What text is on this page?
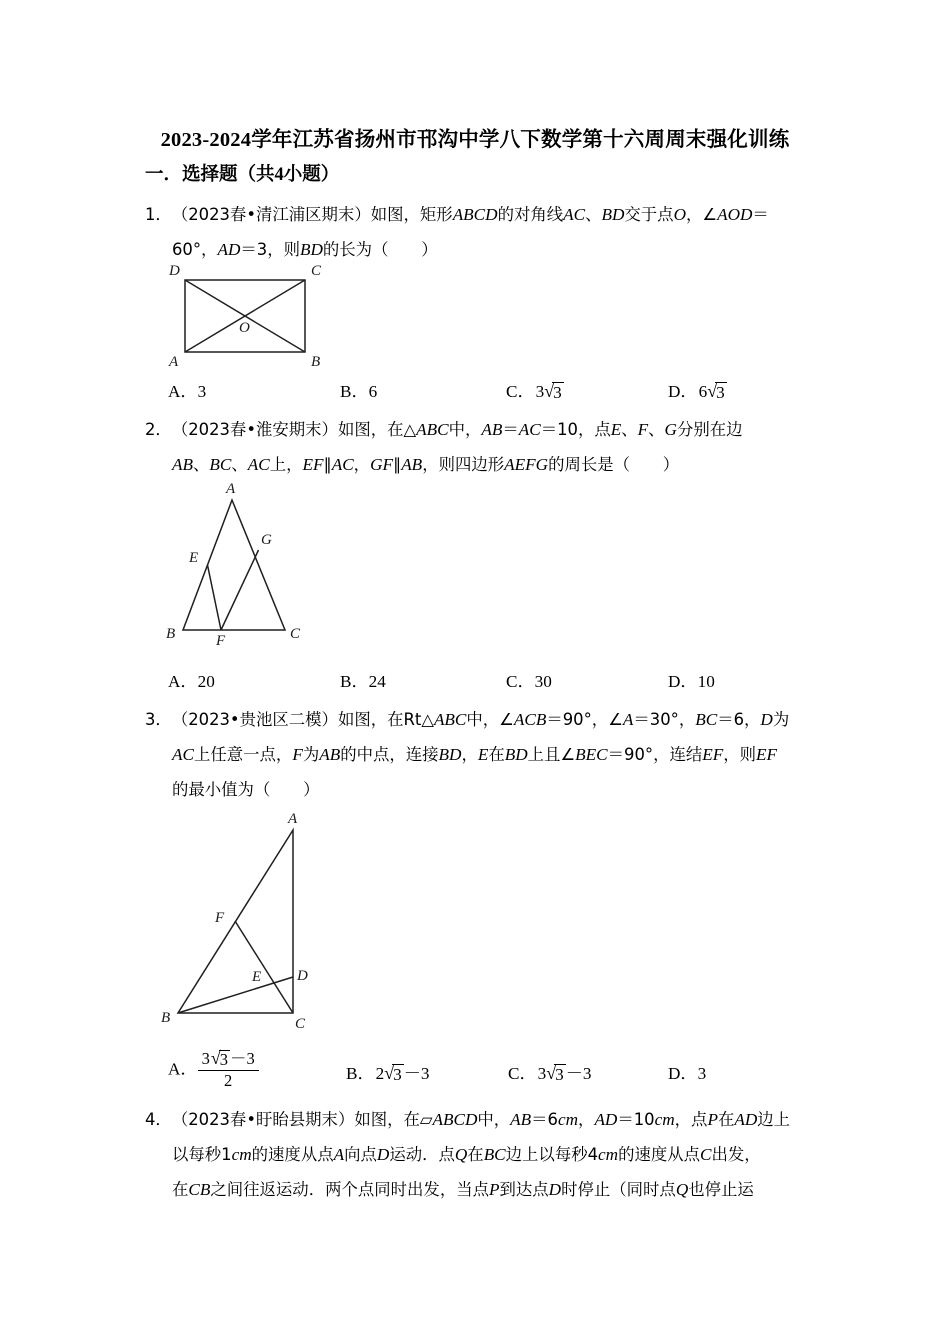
2023-2024学年江苏省扬州市邗沟中学八下数学第十六周周末强化训练
一．选择题（共4小题）
1．（2023春•清江浦区期末）如图，矩形ABCD的对角线AC、BD交于点O，∠AOD＝
60°，AD＝3，则BD的长为（　　）
D	C
O
A	B
A．3	B．6	C．3√3	D．6√3
2．（2023春•淮安期末）如图，在△ABC中，AB＝AC＝10，点E、F、G分别在边
AB、BC、AC上，EF∥AC，GF∥AB，则四边形AEFG的周长是（　　）
A
G
E
B	F	C
A．20	B．24	C．30	D．10
3．（2023•贵池区二模）如图，在Rt△ABC中，∠ACB＝90°，∠A＝30°，BC＝6，D为
AC上任意一点，F为AB的中点，连接BD，E在BD上且∠BEC＝90°，连结EF，则EF
的最小值为（　　）
A
F
E D
B	C
A． $\frac{3√3 -3}{2}$	B．2√3 －3	C．3√3 －3	D．3
4．（2023春•盱眙县期末）如图，在▱ABCD中，AB＝6cm，AD＝10cm，点P在AD边上
以每秒1cm的速度从点A向点D运动．点Q在BC边上以每秒4cm的速度从点C出发，
在CB之间往返运动．两个点同时出发，当点P到达点D时停止（同时点Q也停止运
